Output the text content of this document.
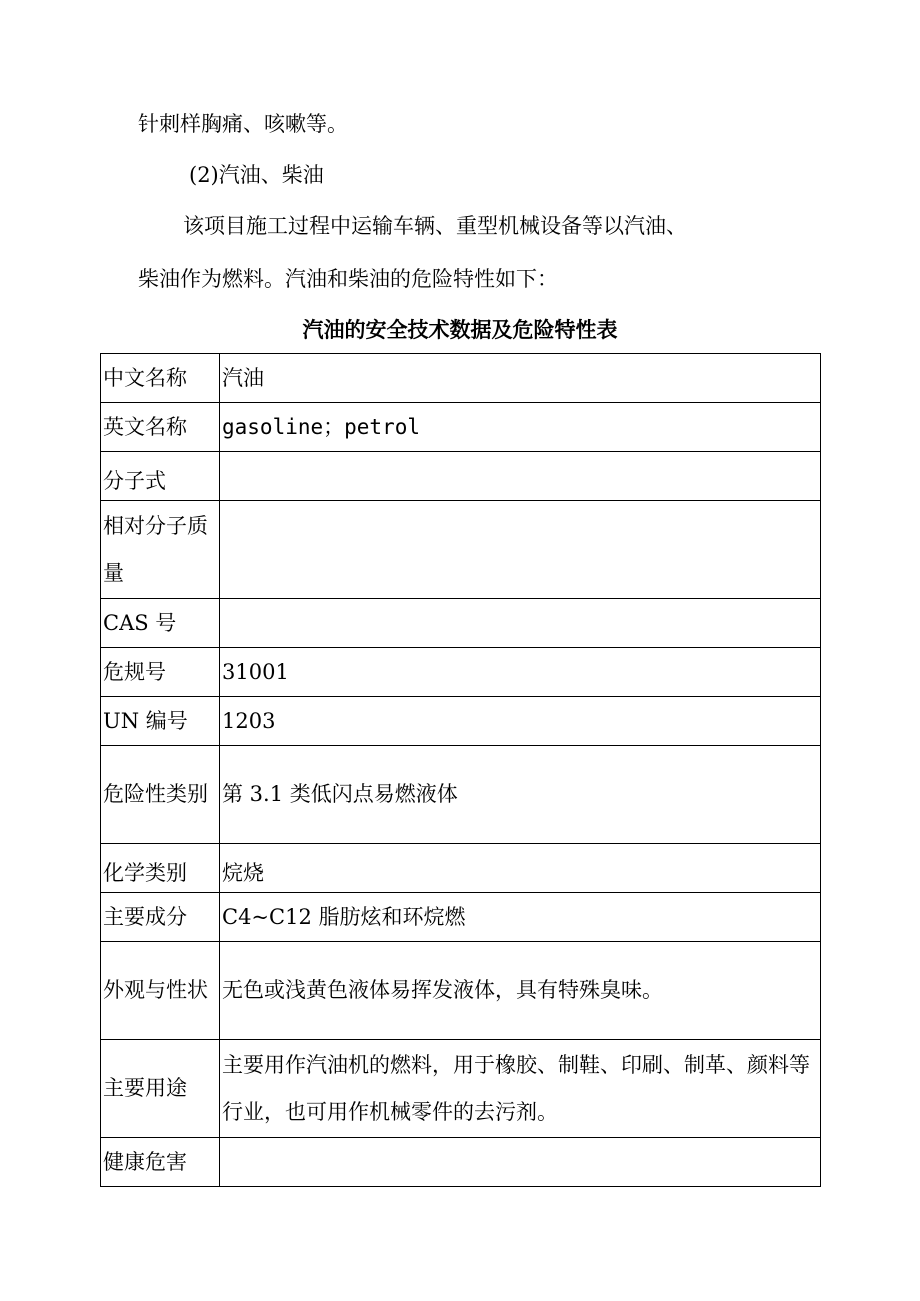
针刺样胸痛、咳嗽等。

(2)汽油、柴油

该项目施工过程中运输车辆、重型机械设备等以汽油、

柴油作为燃料。汽油和柴油的危险特性如下：

汽油的安全技术数据及危险特性表

中文名称	汽油
英文名称	gasoline；petrol
分子式	
相对分子质量	
CAS 号	
危规号	31001
UN 编号	1203
危险性类别	第 3.1 类低闪点易燃液体
化学类别	烷烧
主要成分	C4~C12 脂肪炫和环烷燃
外观与性状	无色或浅黄色液体易挥发液体，具有特殊臭味。
主要用途	主要用作汽油机的燃料，用于橡胶、制鞋、印刷、制革、颜料等行业，也可用作机械零件的去污剂。
健康危害	
